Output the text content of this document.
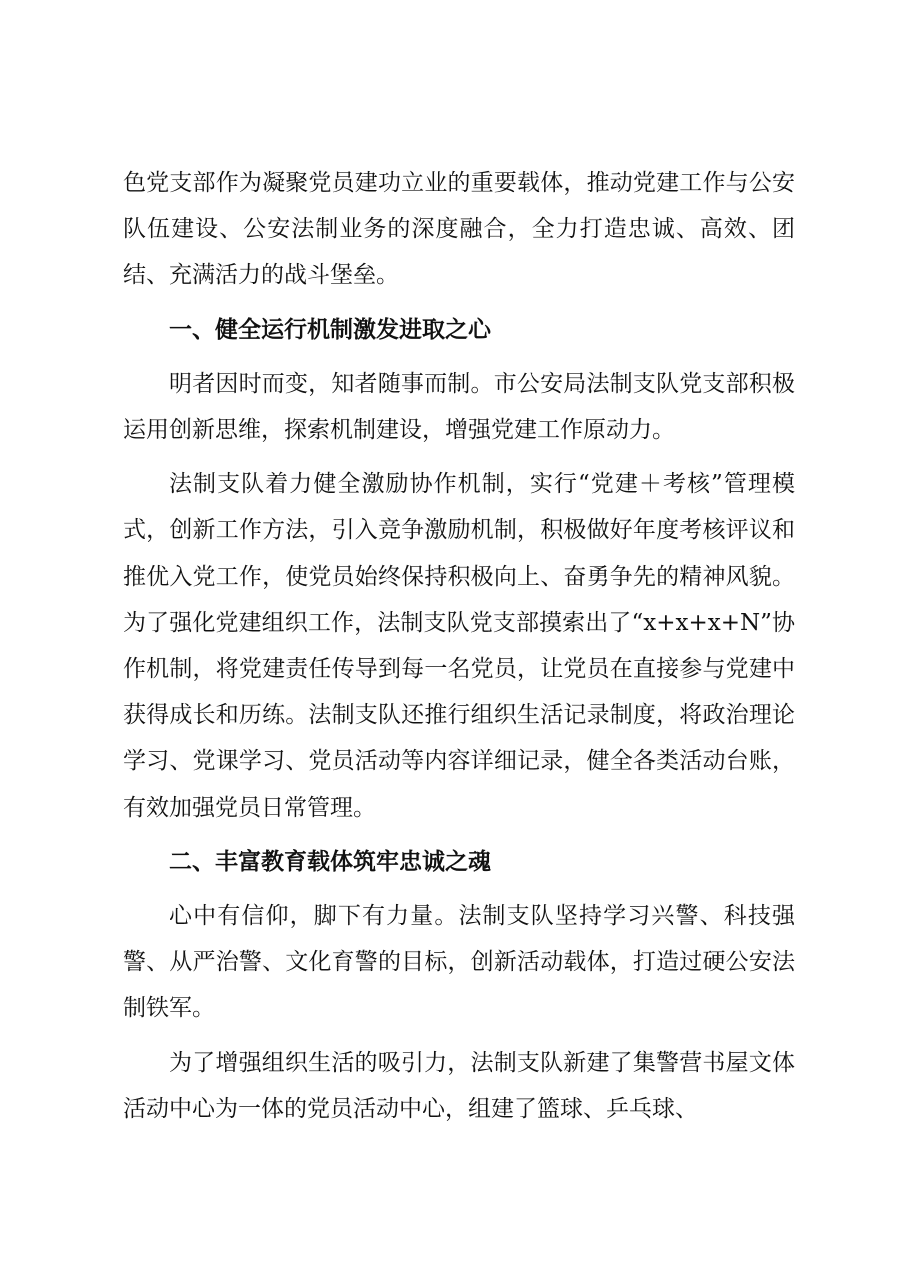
色党支部作为凝聚党员建功立业的重要载体，推动党建工作与公安队伍建设、公安法制业务的深度融合，全力打造忠诚、高效、团结、充满活力的战斗堡垒。

一、健全运行机制激发进取之心

明者因时而变，知者随事而制。市公安局法制支队党支部积极运用创新思维，探索机制建设，增强党建工作原动力。

法制支队着力健全激励协作机制，实行“党建＋考核”管理模式，创新工作方法，引入竞争激励机制，积极做好年度考核评议和推优入党工作，使党员始终保持积极向上、奋勇争先的精神风貌。为了强化党建组织工作，法制支队党支部摸索出了“x+x+x+N”协作机制，将党建责任传导到每一名党员，让党员在直接参与党建中获得成长和历练。法制支队还推行组织生活记录制度，将政治理论学习、党课学习、党员活动等内容详细记录，健全各类活动台账，有效加强党员日常管理。

二、丰富教育载体筑牢忠诚之魂

心中有信仰，脚下有力量。法制支队坚持学习兴警、科技强警、从严治警、文化育警的目标，创新活动载体，打造过硬公安法制铁军。

为了增强组织生活的吸引力，法制支队新建了集警营书屋文体活动中心为一体的党员活动中心，组建了篮球、乒乓球、
